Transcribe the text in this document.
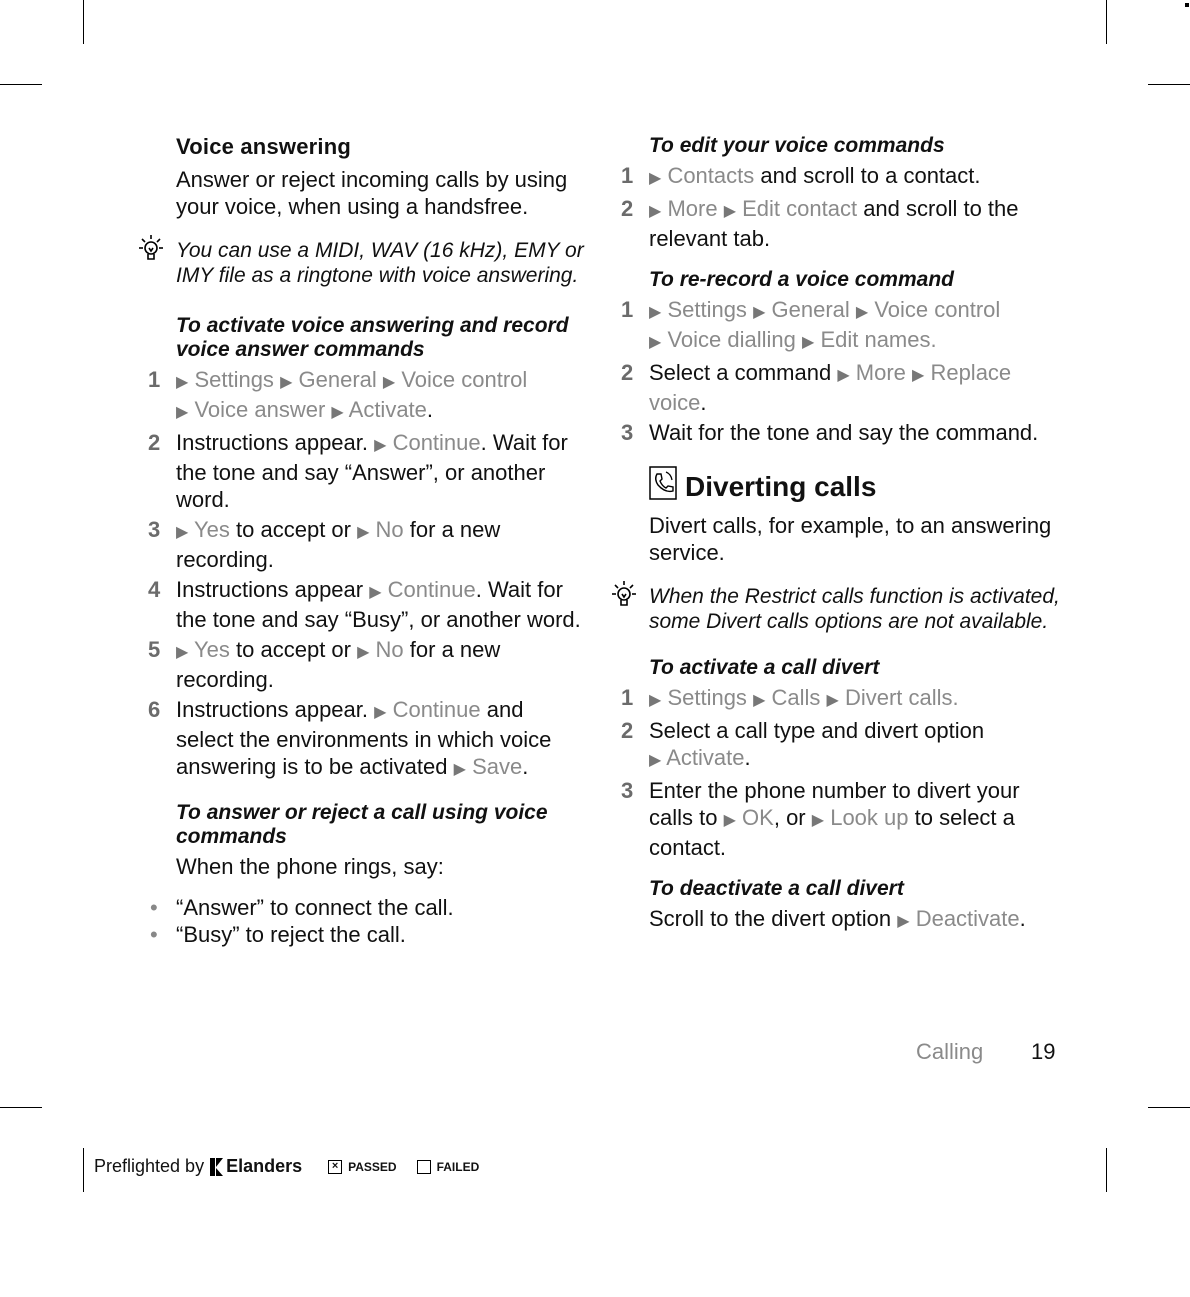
Voice answering

Answer or reject incoming calls by using your voice, when using a handsfree.

You can use a MIDI, WAV (16 kHz), EMY or IMY file as a ringtone with voice answering.
To activate voice answering and record voice answer commands
1 ▶ Settings ▶ General ▶ Voice control
▶ Voice answer ▶ Activate.
2 Instructions appear. ▶ Continue. Wait for the tone and say “Answer”, or another word.
3 ▶ Yes to accept or ▶ No for a new recording.
4 Instructions appear ▶ Continue. Wait for the tone and say “Busy”, or another word.
5 ▶ Yes to accept or ▶ No for a new recording.
6 Instructions appear. ▶ Continue and select the environments in which voice answering is to be activated ▶ Save.
To answer or reject a call using voice commands

When the phone rings, say:

• “Answer” to connect the call.
• “Busy” to reject the call.
To edit your voice commands
1 ▶ Contacts and scroll to a contact.
2 ▶ More ▶ Edit contact and scroll to the relevant tab.
To re-record a voice command
1 ▶ Settings ▶ General ▶ Voice control
▶ Voice dialling ▶ Edit names.
2 Select a command ▶ More ▶ Replace voice.
3 Wait for the tone and say the command.
Diverting calls

Divert calls, for example, to an answering service.

When the Restrict calls function is activated, some Divert calls options are not available.
To activate a call divert
1 ▶ Settings ▶ Calls ▶ Divert calls.
2 Select a call type and divert option
▶ Activate.
3 Enter the phone number to divert your calls to ▶ OK, or ▶ Look up to select a contact.
To deactivate a call divert

Scroll to the divert option ▶ Deactivate.

Calling 19
Preflighted by Elanders	× PASSED	FAILED
